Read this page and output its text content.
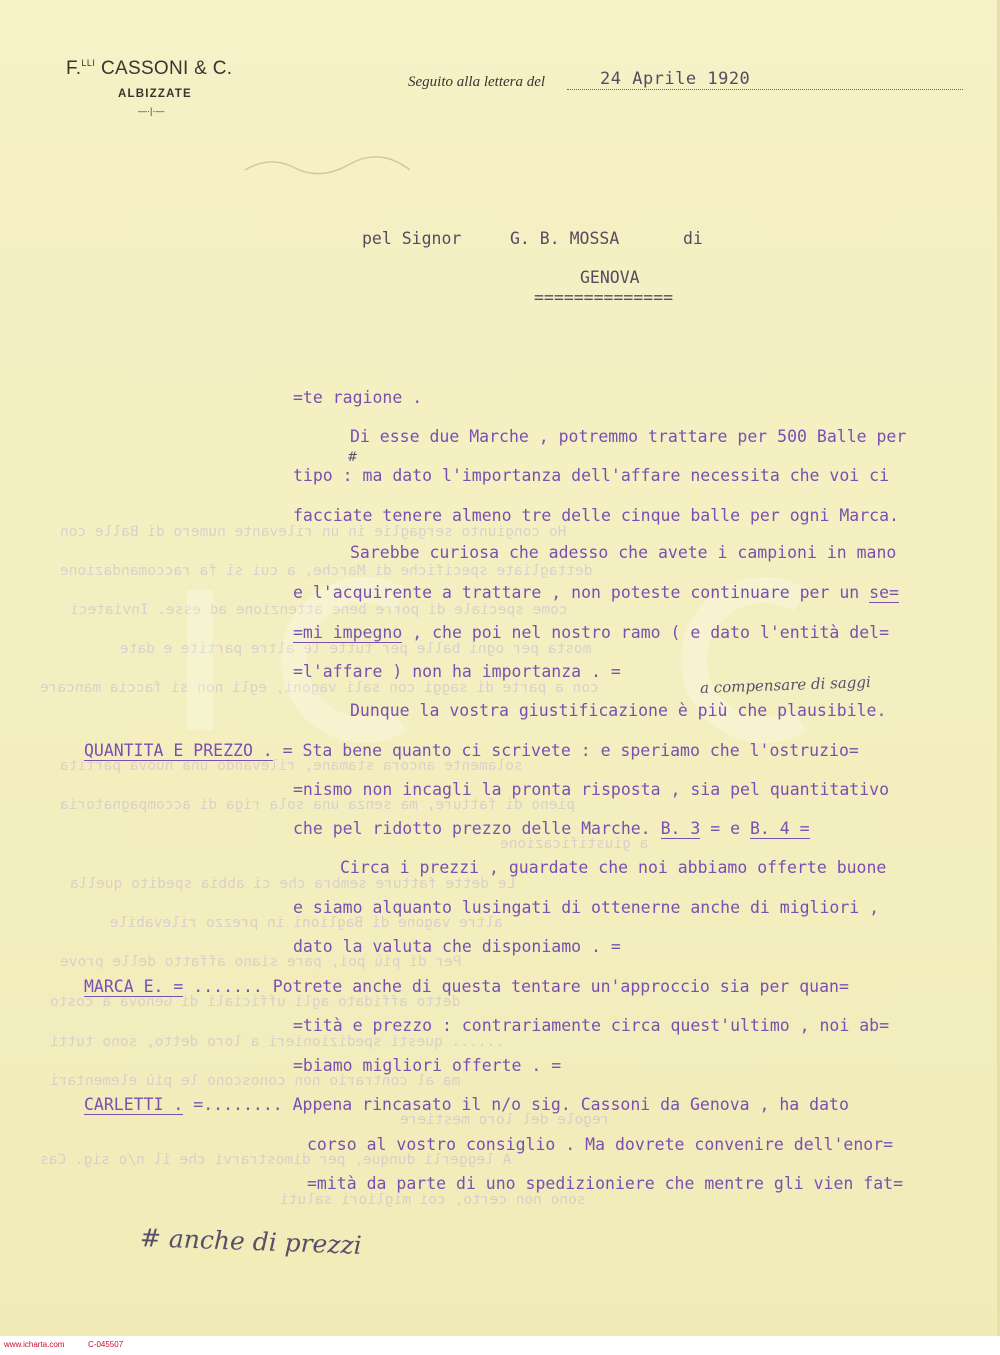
Ho congiunto sergaglie in un rilevante numero di Balle con
dettagliate specifiche di Marche, a cui si fa raccomandazione
come speciale di porre bene attenzione ad esse. Inviateci
mosta per ogni balle per tutte le altre partite e date
con a parte di saggi con sali vagoni, egli non si faccia mancare
solamente ancora stamane, rilevando una nuova partita
pieno di fatture, ma senza una sola riga di accompagnatoria
a giustificazione
Le dette fatture sembra che ci abbia spedito quella
altre vagone di Baglioni in prezzo rilevabile
Per di più poi, pare siano affatto delle prove
detto affidato agli ufficiali di Genova a costo
...... questi spedizionieri a loro detto, sono tutti
ma al contrario non conoscono le più elementari
regole del loro mestiere
A leggerli dunque, per dimostrarvi che il n/o sig. Cas
sono non certo, coi migliori saluti
F.$^{LLI}$ CASSONI & C.
ALBIZZATE
—·|·—
Seguito alla lettera del	24 Aprile 1920
pel Signor	G. B. MOSSA	di
GENOVA
==============
=te ragione .
Di esse due Marche , potremmo trattare per 500 Balle per
#
tipo : ma dato l'importanza dell'affare necessita che voi ci
facciate tenere almeno tre delle cinque balle per ogni Marca.
Sarebbe curiosa che adesso che avete i campioni in mano
e l'acquirente a trattare , non poteste continuare per un se=
=mi impegno , che poi nel nostro ramo ( e dato l'entità del=
=l'affare ) non ha importanza . =
a compensare di saggi
Dunque la vostra giustificazione è più che plausibile.
QUANTITA E PREZZO . = Sta bene quanto ci scrivete : e speriamo che l'ostruzio=
=nismo non incagli la pronta risposta , sia pel quantitativo
che pel ridotto prezzo delle Marche. B. 3 = e B. 4 =
Circa i prezzi , guardate che noi abbiamo offerte buone
e siamo alquanto lusingati di ottenerne anche di migliori ,
dato la valuta che disponiamo . =
MARCA E. = ....... Potrete anche di questa tentare un'approccio sia per quan=
=tità e prezzo : contrariamente circa quest'ultimo , noi ab=
=biamo migliori offerte . =
CARLETTI . =........ Appena rincasato il n/o sig. Cassoni da Genova , ha dato
corso al vostro consiglio . Ma dovrete convenire dell'enor=
=mità da parte di uno spedizioniere che mentre gli vien fat=
# anche di prezzi
www.icharta.com	C-045507
